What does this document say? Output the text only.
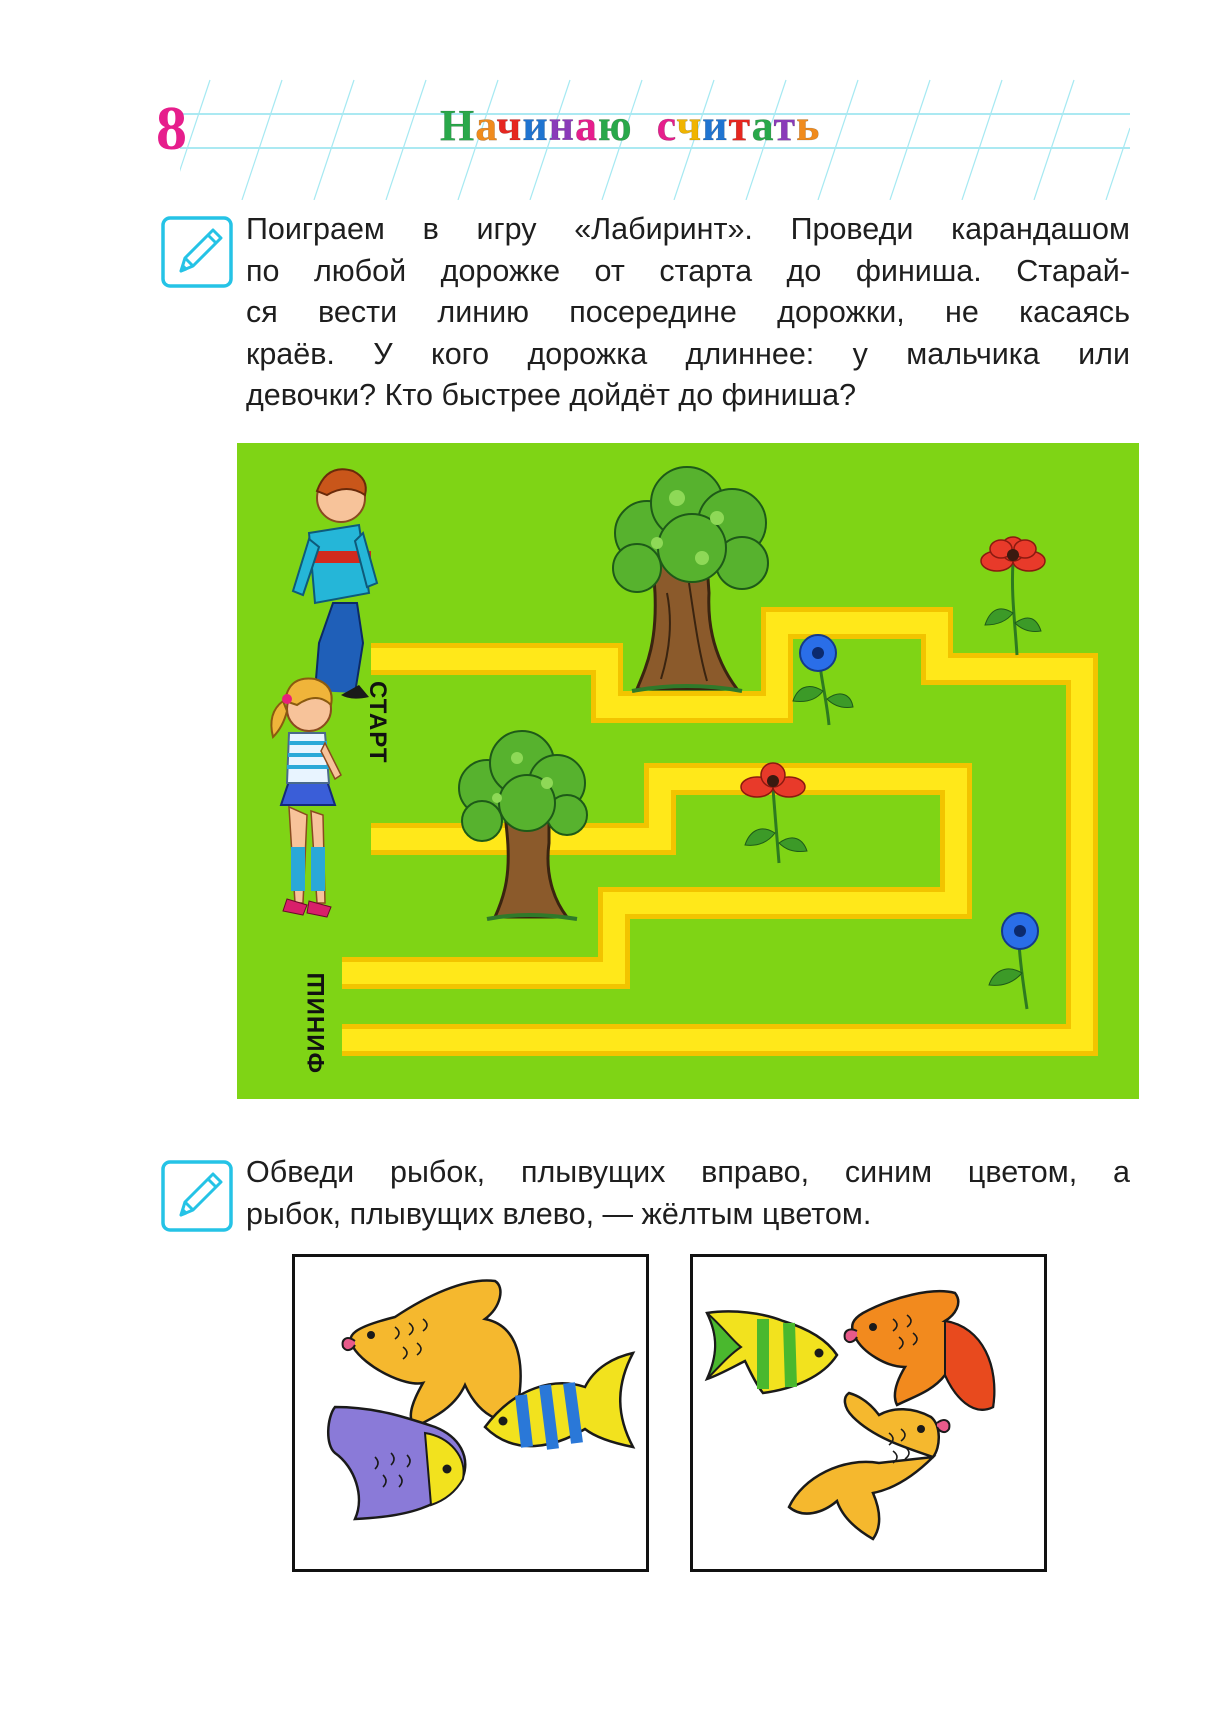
8	Начинаю считать
Поиграем в игру «Лабиринт». Проведи карандашом
по любой дорожке от старта до финиша. Старай-
ся вести линию посередине дорожки, не касаясь
краёв. У кого дорожка длиннее: у мальчика или
девочки? Кто быстрее дойдёт до финиша?
СТАРТ
ФИНИШ
Обведи рыбок, плывущих вправо, синим цветом, а
рыбок, плывущих влево, — жёлтым цветом.
